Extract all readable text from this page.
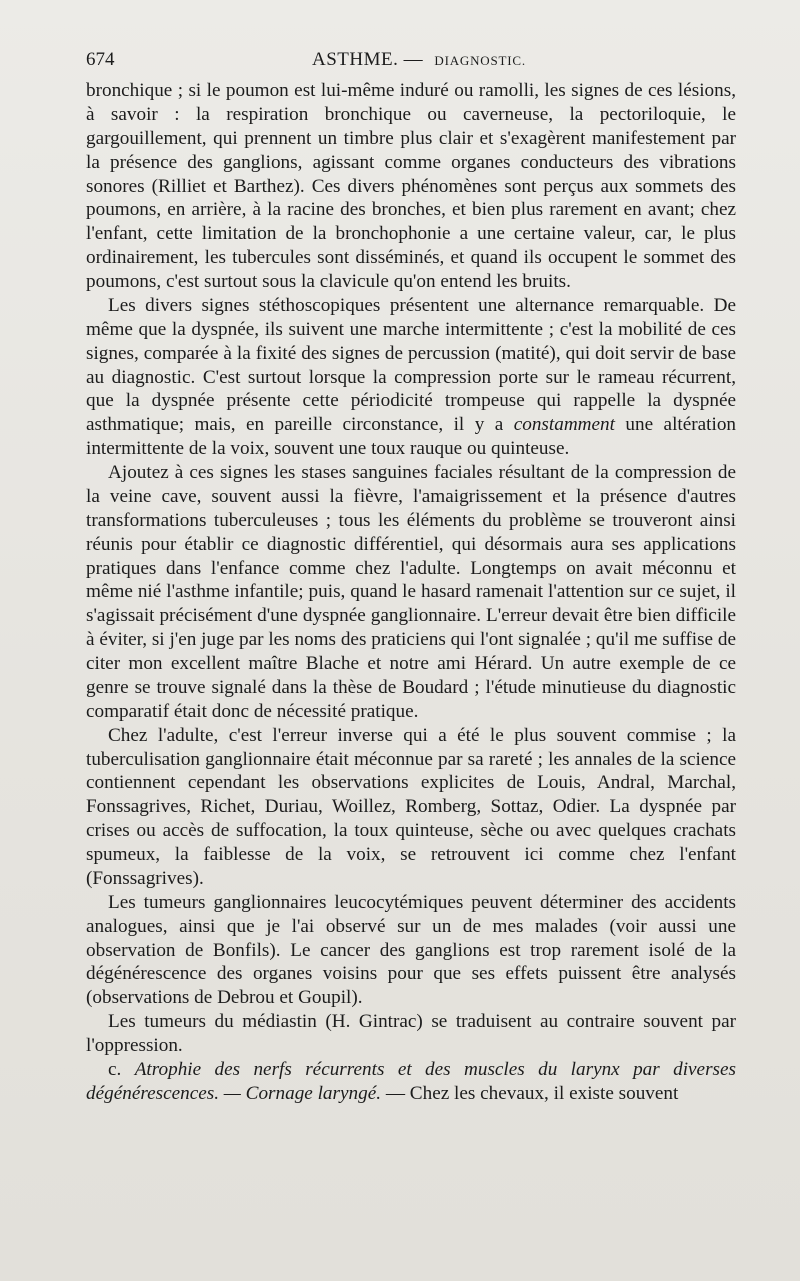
674	ASTHME. — DIAGNOSTIC.

bronchique ; si le poumon est lui-même induré ou ramolli, les signes de ces lésions, à savoir : la respiration bronchique ou caverneuse, la pectoriloquie, le gargouillement, qui prennent un timbre plus clair et s'exagèrent manifestement par la présence des ganglions, agissant comme organes conducteurs des vibrations sonores (Rilliet et Barthez). Ces divers phénomènes sont perçus aux sommets des poumons, en arrière, à la racine des bronches, et bien plus rarement en avant; chez l'enfant, cette limitation de la bronchophonie a une certaine valeur, car, le plus ordinairement, les tubercules sont disséminés, et quand ils occupent le sommet des poumons, c'est surtout sous la clavicule qu'on entend les bruits.

Les divers signes stéthoscopiques présentent une alternance remarquable. De même que la dyspnée, ils suivent une marche intermittente ; c'est la mobilité de ces signes, comparée à la fixité des signes de percussion (matité), qui doit servir de base au diagnostic. C'est surtout lorsque la compression porte sur le rameau récurrent, que la dyspnée présente cette périodicité trompeuse qui rappelle la dyspnée asthmatique; mais, en pareille circonstance, il y a constamment une altération intermittente de la voix, souvent une toux rauque ou quinteuse.

Ajoutez à ces signes les stases sanguines faciales résultant de la compression de la veine cave, souvent aussi la fièvre, l'amaigrissement et la présence d'autres transformations tuberculeuses ; tous les éléments du problème se trouveront ainsi réunis pour établir ce diagnostic différentiel, qui désormais aura ses applications pratiques dans l'enfance comme chez l'adulte. Longtemps on avait méconnu et même nié l'asthme infantile; puis, quand le hasard ramenait l'attention sur ce sujet, il s'agissait précisément d'une dyspnée ganglionnaire. L'erreur devait être bien difficile à éviter, si j'en juge par les noms des praticiens qui l'ont signalée ; qu'il me suffise de citer mon excellent maître Blache et notre ami Hérard. Un autre exemple de ce genre se trouve signalé dans la thèse de Boudard ; l'étude minutieuse du diagnostic comparatif était donc de nécessité pratique.

Chez l'adulte, c'est l'erreur inverse qui a été le plus souvent commise ; la tuberculisation ganglionnaire était méconnue par sa rareté ; les annales de la science contiennent cependant les observations explicites de Louis, Andral, Marchal, Fonssagrives, Richet, Duriau, Woillez, Romberg, Sottaz, Odier. La dyspnée par crises ou accès de suffocation, la toux quinteuse, sèche ou avec quelques crachats spumeux, la faiblesse de la voix, se retrouvent ici comme chez l'enfant (Fonssagrives).

Les tumeurs ganglionnaires leucocytémiques peuvent déterminer des accidents analogues, ainsi que je l'ai observé sur un de mes malades (voir aussi une observation de Bonfils). Le cancer des ganglions est trop rarement isolé de la dégénérescence des organes voisins pour que ses effets puissent être analysés (observations de Debrou et Goupil).

Les tumeurs du médiastin (H. Gintrac) se traduisent au contraire souvent par l'oppression.

c. Atrophie des nerfs récurrents et des muscles du larynx par diverses dégénérescences. — Cornage laryngé. — Chez les chevaux, il existe souvent
